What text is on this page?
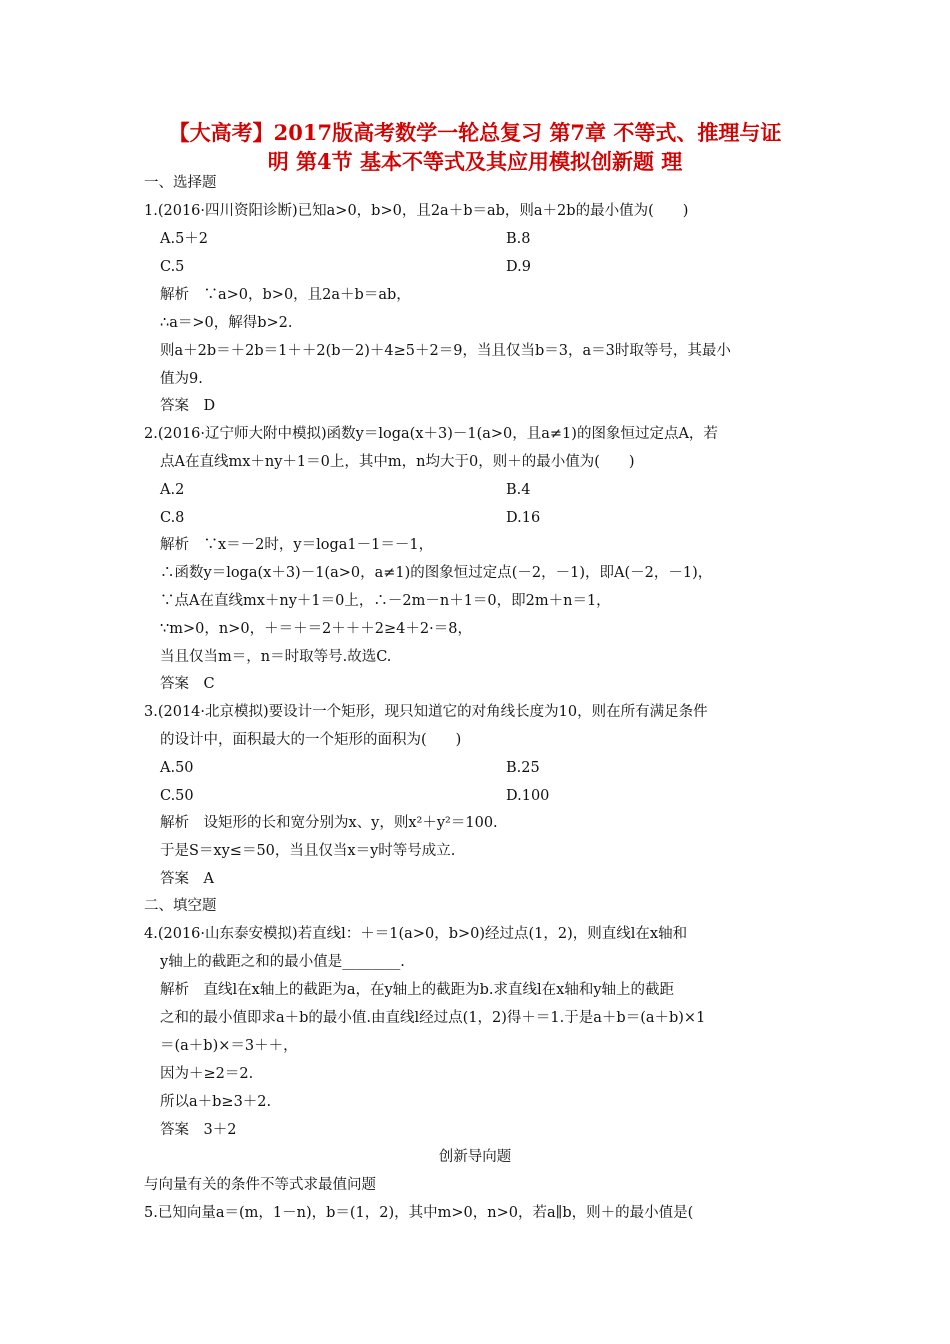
【大高考】2017版高考数学一轮总复习 第7章 不等式、推理与证
明 第4节 基本不等式及其应用模拟创新题 理
一、选择题
1.(2016·四川资阳诊断)已知a>0，b>0，且2a＋b＝ab，则a＋2b的最小值为(　　)
A.5＋2	B.8
C.5	D.9
解析　∵a>0，b>0，且2a＋b＝ab，
∴a＝>0，解得b>2.
则a＋2b＝＋2b＝1＋＋2(b－2)＋4≥5＋2＝9，当且仅当b＝3，a＝3时取等号，其最小
值为9.
答案　D
2.(2016·辽宁师大附中模拟)函数y＝loga(x＋3)－1(a>0，且a≠1)的图象恒过定点A，若
点A在直线mx＋ny＋1＝0上，其中m，n均大于0，则＋的最小值为(　　)
A.2	B.4
C.8	D.16
解析　∵x＝－2时，y＝loga1－1＝－1，
∴函数y＝loga(x＋3)－1(a>0，a≠1)的图象恒过定点(－2，－1)，即A(－2，－1)，
∵点A在直线mx＋ny＋1＝0上，∴－2m－n＋1＝0，即2m＋n＝1，
∵m>0，n>0，＋＝＋＝2＋＋＋2≥4＋2·＝8，
当且仅当m＝，n＝时取等号.故选C.
答案　C
3.(2014·北京模拟)要设计一个矩形，现只知道它的对角线长度为10，则在所有满足条件
的设计中，面积最大的一个矩形的面积为(　　)
A.50	B.25
C.50	D.100
解析　设矩形的长和宽分别为x、y，则x²＋y²＝100.
于是S＝xy≤＝50，当且仅当x＝y时等号成立.
答案　A
二、填空题
4.(2016·山东泰安模拟)若直线l：＋＝1(a>0，b>0)经过点(1，2)，则直线l在x轴和
y轴上的截距之和的最小值是________.
解析　直线l在x轴上的截距为a，在y轴上的截距为b.求直线l在x轴和y轴上的截距
之和的最小值即求a＋b的最小值.由直线l经过点(1，2)得＋＝1.于是a＋b＝(a＋b)×1
＝(a＋b)×＝3＋＋，
因为＋≥2＝2.
所以a＋b≥3＋2.
答案　3＋2
创新导向题
与向量有关的条件不等式求最值问题
5.已知向量a＝(m，1－n)，b＝(1，2)，其中m>0，n>0，若a∥b，则＋的最小值是(
